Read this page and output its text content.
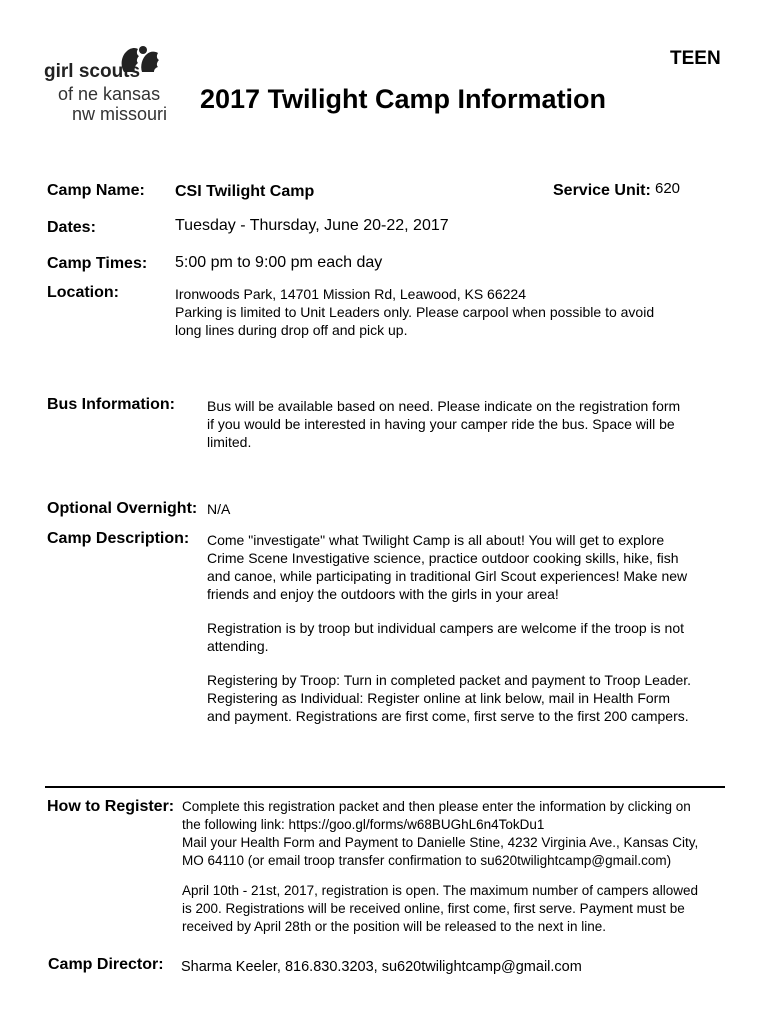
girl scouts
of ne kansas
nw missouri
TEEN
2017 Twilight Camp Information
Camp Name: CSI Twilight Camp	Service Unit: 620
Dates:	Tuesday - Thursday, June 20-22, 2017
Camp Times: 5:00 pm to 9:00 pm each day
Location:	Ironwoods Park, 14701 Mission Rd, Leawood, KS 66224
Parking is limited to Unit Leaders only. Please carpool when possible to avoid
long lines during drop off and pick up.
Bus Information: Bus will be available based on need. Please indicate on the registration form
if you would be interested in having your camper ride the bus. Space will be
limited.
Optional Overnight: N/A
Camp Description: Come "investigate" what Twilight Camp is all about! You will get to explore
Crime Scene Investigative science, practice outdoor cooking skills, hike, fish
and canoe, while participating in traditional Girl Scout experiences! Make new
friends and enjoy the outdoors with the girls in your area!
Registration is by troop but individual campers are welcome if the troop is not
attending.
Registering by Troop: Turn in completed packet and payment to Troop Leader.
Registering as Individual: Register online at link below, mail in Health Form
and payment. Registrations are first come, first serve to the first 200 campers.
How to Register: Complete this registration packet and then please enter the information by clicking on
the following link: https://goo.gl/forms/w68BUGhL6n4TokDu1
Mail your Health Form and Payment to Danielle Stine, 4232 Virginia Ave., Kansas City,
MO 64110 (or email troop transfer confirmation to su620twilightcamp@gmail.com)
April 10th - 21st, 2017, registration is open. The maximum number of campers allowed
is 200. Registrations will be received online, first come, first serve. Payment must be
received by April 28th or the position will be released to the next in line.
Camp Director: Sharma Keeler, 816.830.3203, su620twilightcamp@gmail.com
